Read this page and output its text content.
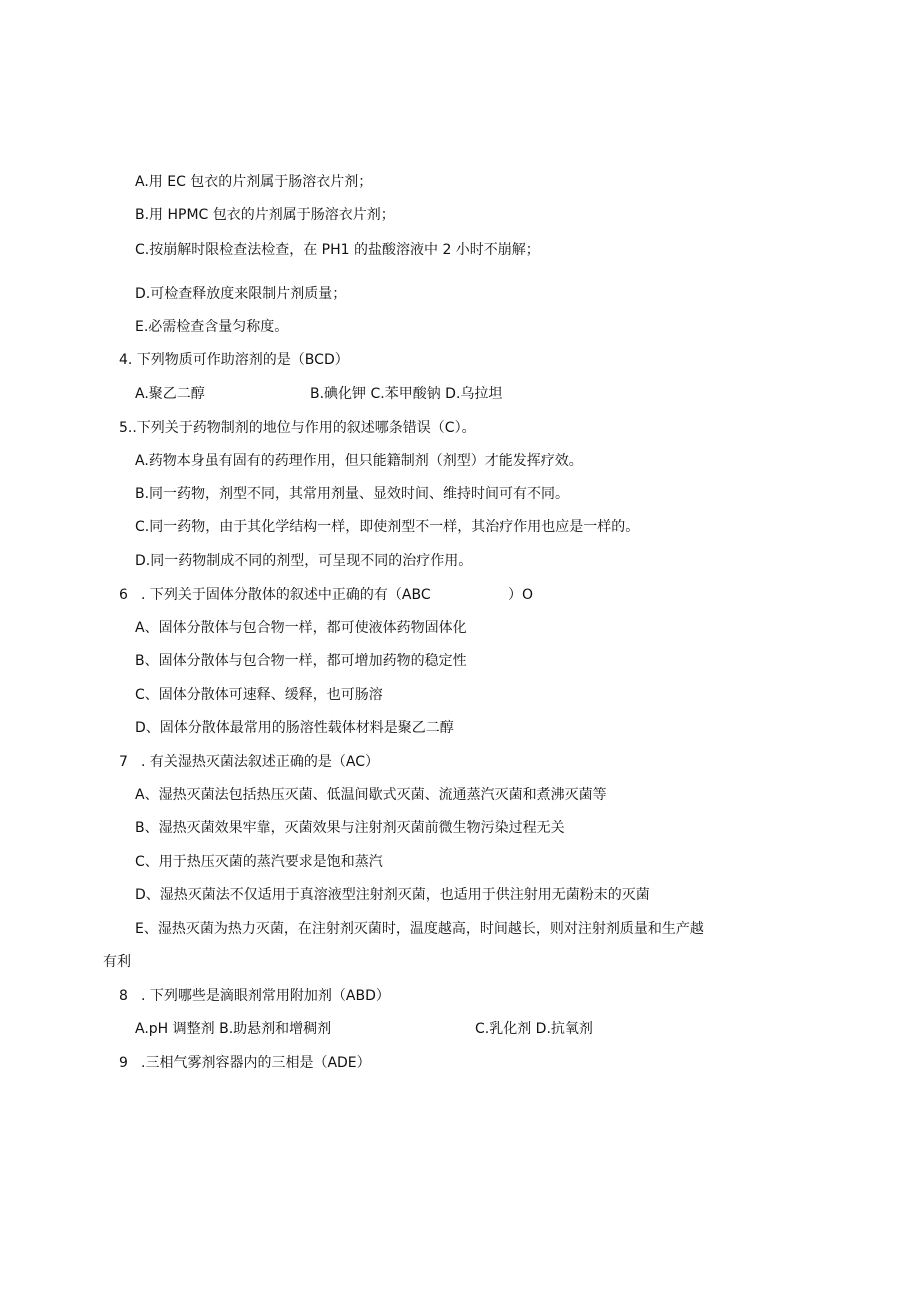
A.用 EC 包衣的片剂属于肠溶衣片剂；
B.用 HPMC 包衣的片剂属于肠溶衣片剂；
C.按崩解时限检查法检查，在 PH1 的盐酸溶液中 2 小时不崩解；
D.可检查释放度来限制片剂质量；
E.必需检查含量匀称度。
4. 下列物质可作助溶剂的是（BCD）
A.聚乙二醇	B.碘化钾 C.苯甲酸钠 D.乌拉坦
5..下列关于药物制剂的地位与作用的叙述哪条错误（C）。
A.药物本身虽有固有的药理作用，但只能籍制剂（剂型）才能发挥疗效。
B.同一药物，剂型不同，其常用剂量、显效时间、维持时间可有不同。
C.同一药物，由于其化学结构一样，即使剂型不一样，其治疗作用也应是一样的。
D.同一药物制成不同的剂型，可呈现不同的治疗作用。
6 . 下列关于固体分散体的叙述中正确的有（ABC	）O
A、固体分散体与包合物一样，都可使液体药物固体化
B、固体分散体与包合物一样，都可增加药物的稳定性
C、固体分散体可速释、缓释，也可肠溶
D、固体分散体最常用的肠溶性载体材料是聚乙二醇
7 . 有关湿热灭菌法叙述正确的是（AC）
A、湿热灭菌法包括热压灭菌、低温间歇式灭菌、流通蒸汽灭菌和煮沸灭菌等
B、湿热灭菌效果牢靠，灭菌效果与注射剂灭菌前微生物污染过程无关
C、用于热压灭菌的蒸汽要求是饱和蒸汽
D、湿热灭菌法不仅适用于真溶液型注射剂灭菌，也适用于供注射用无菌粉末的灭菌
E、湿热灭菌为热力灭菌，在注射剂灭菌时，温度越高，时间越长，则对注射剂质量和生产越
有利
8 . 下列哪些是滴眼剂常用附加剂（ABD）
A.pH 调整剂 B.助悬剂和增稠剂	C.乳化剂 D.抗氧剂
9 .三相气雾剂容器内的三相是（ADE）
